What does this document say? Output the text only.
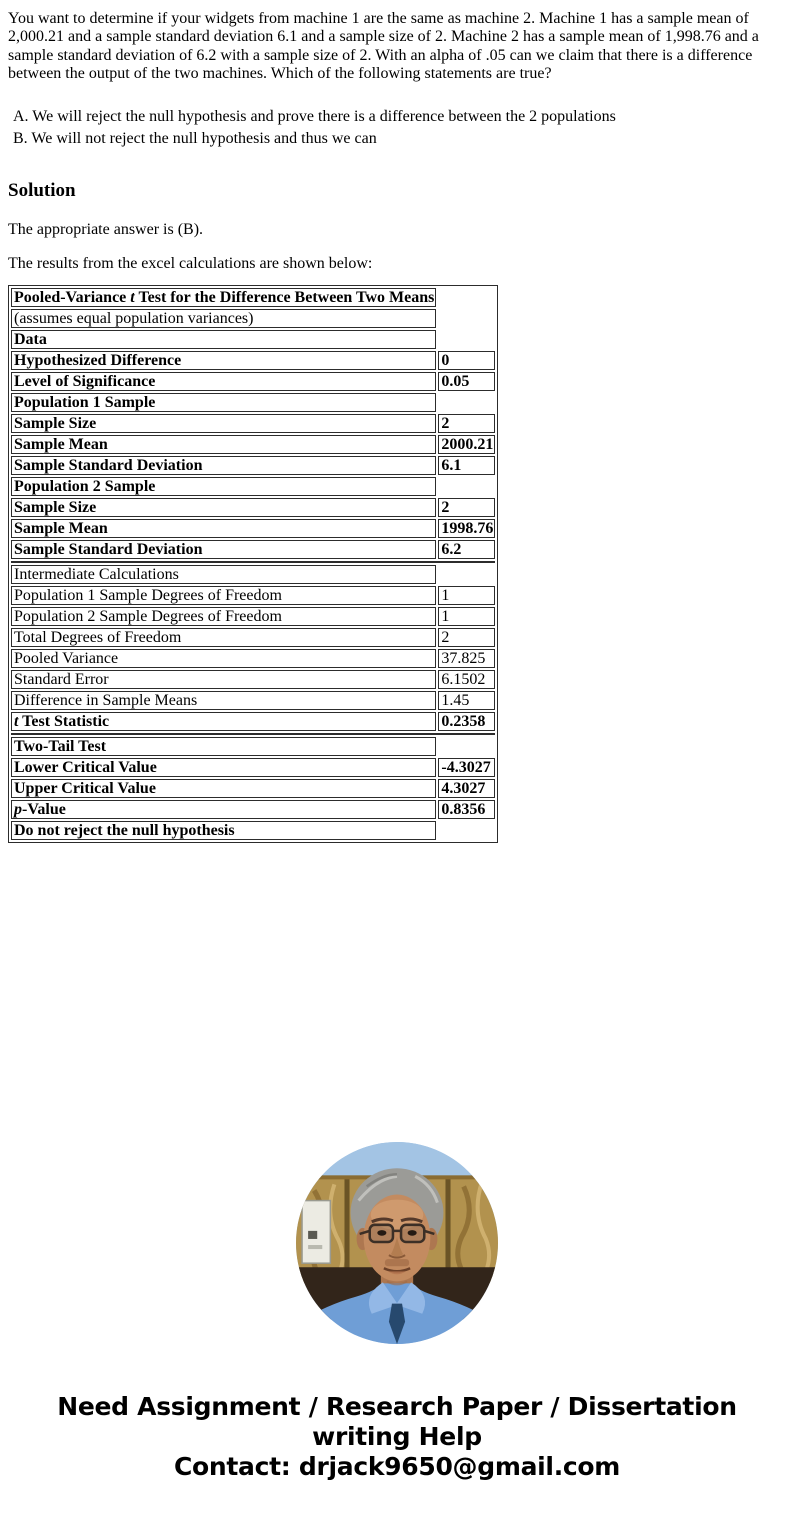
You want to determine if your widgets from machine 1 are the same as machine 2. Machine 1 has a sample mean of 2,000.21 and a sample standard deviation 6.1 and a sample size of 2. Machine 2 has a sample mean of 1,998.76 and a sample standard deviation of 6.2 with a sample size of 2. With an alpha of .05 can we claim that there is a difference between the output of the two machines. Which of the following statements are true?

A. We will reject the null hypothesis and prove there is a difference between the 2 populations
B. We will not reject the null hypothesis and thus we can
Solution

The appropriate answer is (B).

The results from the excel calculations are shown below:

Pooled-Variance t Test for the Difference Between Two Means	
(assumes equal population variances)	
Data	
Hypothesized Difference	0
Level of Significance	0.05
Population 1 Sample	
Sample Size	2
Sample Mean	2000.21
Sample Standard Deviation	6.1
Population 2 Sample	
Sample Size	2
Sample Mean	1998.76
Sample Standard Deviation	6.2

Intermediate Calculations	
Population 1 Sample Degrees of Freedom	1
Population 2 Sample Degrees of Freedom	1
Total Degrees of Freedom	2
Pooled Variance	37.825
Standard Error	6.1502
Difference in Sample Means	1.45
t Test Statistic	0.2358

Two-Tail Test	
Lower Critical Value	-4.3027
Upper Critical Value	4.3027
p-Value	0.8356
Do not reject the null hypothesis	
Need Assignment / Research Paper / Dissertation
writing Help
Contact: drjack9650@gmail.com
